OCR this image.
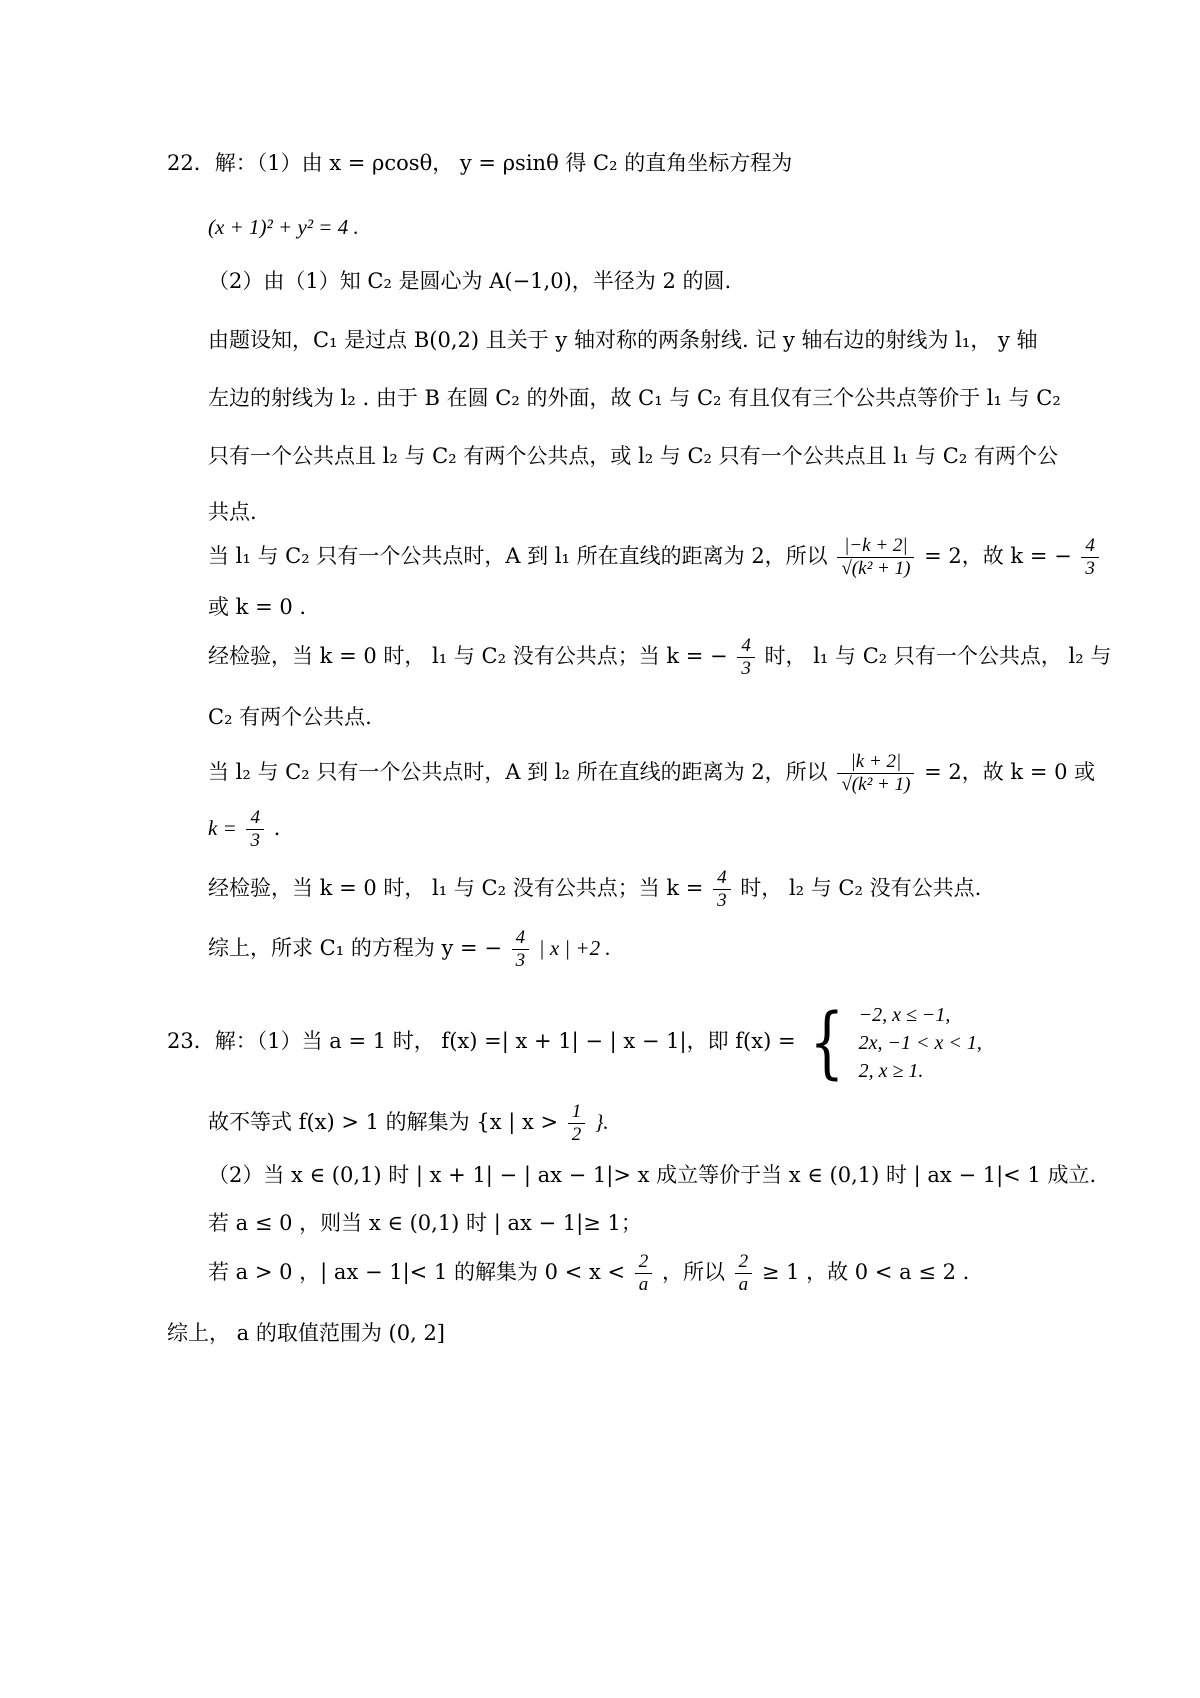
22．解：（1）由 x = ρcosθ， y = ρsinθ 得 C₂ 的直角坐标方程为
(x + 1)² + y² = 4 .
（2）由（1）知 C₂ 是圆心为 A(−1,0)，半径为 2 的圆.
由题设知，C₁ 是过点 B(0,2) 且关于 y 轴对称的两条射线. 记 y 轴右边的射线为 l₁， y 轴
左边的射线为 l₂ . 由于 B 在圆 C₂ 的外面，故 C₁ 与 C₂ 有且仅有三个公共点等价于 l₁ 与 C₂
只有一个公共点且 l₂ 与 C₂ 有两个公共点，或 l₂ 与 C₂ 只有一个公共点且 l₁ 与 C₂ 有两个公
共点.
当 l₁ 与 C₂ 只有一个公共点时，A 到 l₁ 所在直线的距离为 2，所以 $\frac{|-k + 2|}{\text{√(k² + 1)}} = 2$，故 k = − $\frac{4}{3}$
或 k = 0 .
经检验，当 k = 0 时， l₁ 与 C₂ 没有公共点；当 k = − $\frac{4}{3}$ 时， l₁ 与 C₂ 只有一个公共点， l₂ 与
C₂ 有两个公共点.
当 l₂ 与 C₂ 只有一个公共点时，A 到 l₂ 所在直线的距离为 2，所以 $\frac{|k + 2|}{\text{√(k² + 1)}} = 2$，故 k = 0 或
$k = \frac{4}{3}$ .
经检验，当 k = 0 时， l₁ 与 C₂ 没有公共点；当 $k = \frac{4}{3}$ 时， l₂ 与 C₂ 没有公共点.
综上，所求 C₁ 的方程为 y = − $\frac{4}{3}$ | x | +2 .
23．解：（1）当 a = 1 时， f(x) =| x + 1| − | x − 1|，即 f(x) = { −2, x ≤ −1,
2x, −1 < x < 1,
2, x ≥ 1.
故不等式 f(x) > 1 的解集为 {x | $x > \frac{1}{2}$ }.
（2）当 x ∈ (0,1) 时 | x + 1| − | ax − 1|> x 成立等价于当 x ∈ (0,1) 时 | ax − 1|< 1 成立.
若 a ≤ 0 ，则当 x ∈ (0,1) 时 | ax − 1|≥ 1；
若 a > 0 ，| ax − 1|< 1 的解集为 $0 < x < \frac{2}{a}$ ，所以 $\frac{2}{a} \ge 1$ ，故 0 < a ≤ 2 .
综上， a 的取值范围为 (0, 2]
